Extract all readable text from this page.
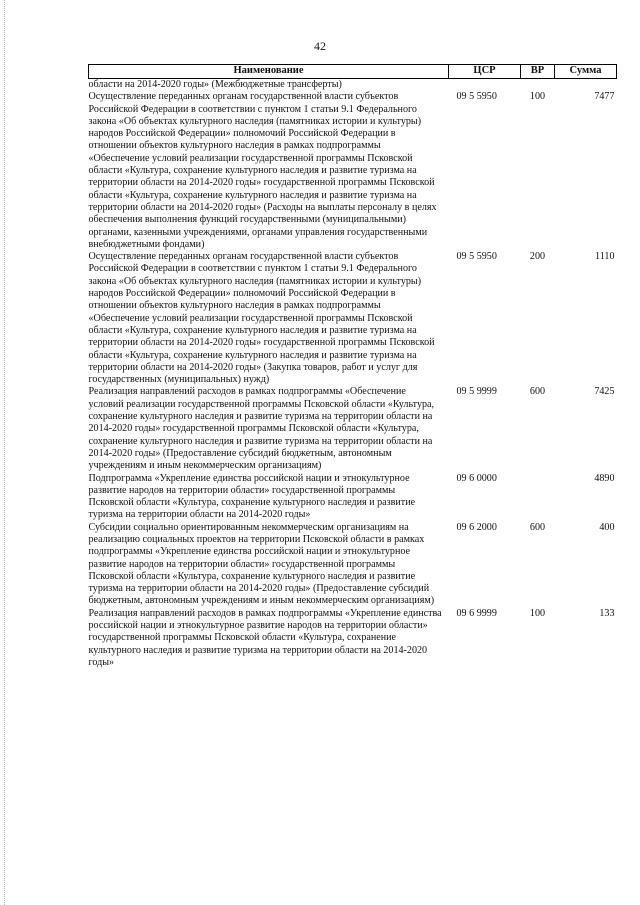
42
Наименование	ЦСР	ВР	Сумма
области на 2014-2020 годы» (Межбюджетные трансферты)			
Осуществление переданных органам государственной власти субъектов Российской Федерации в соответствии с пунктом 1 статьи 9.1 Федерального закона «Об объектах культурного наследия (памятниках истории и культуры) народов Российской Федерации» полномочий Российской Федерации в отношении объектов культурного наследия в рамках подпрограммы «Обеспечение условий реализации государственной программы Псковской области «Культура, сохранение культурного наследия и развитие туризма на территории области на 2014-2020 годы» государственной программы Псковской области «Культура, сохранение культурного наследия и развитие туризма на территории области на 2014-2020 годы» (Расходы на выплаты персоналу в целях обеспечения выполнения функций государственными (муниципальными) органами, казенными учреждениями, органами управления государственными внебюджетными фондами)	09 5 5950	100	7477
Осуществление переданных органам государственной власти субъектов Российской Федерации в соответствии с пунктом 1 статьи 9.1 Федерального закона «Об объектах культурного наследия (памятниках истории и культуры) народов Российской Федерации» полномочий Российской Федерации в отношении объектов культурного наследия в рамках подпрограммы «Обеспечение условий реализации государственной программы Псковской области «Культура, сохранение культурного наследия и развитие туризма на территории области на 2014-2020 годы» государственной программы Псковской области «Культура, сохранение культурного наследия и развитие туризма на территории области на 2014-2020 годы» (Закупка товаров, работ и услуг для государственных (муниципальных) нужд)	09 5 5950	200	1110
Реализация направлений расходов в рамках подпрограммы «Обеспечение условий реализации государственной программы Псковской области «Культура, сохранение культурного наследия и развитие туризма на территории области на 2014-2020 годы» государственной программы Псковской области «Культура, сохранение культурного наследия и развитие туризма на территории области на 2014-2020 годы» (Предоставление субсидий бюджетным, автономным учреждениям и иным некоммерческим организациям)	09 5 9999	600	7425
Подпрограмма «Укрепление единства российской нации и этнокультурное развитие народов на территории области» государственной программы Псковской области «Культура, сохранение культурного наследия и развитие туризма на территории области на 2014-2020 годы»	09 6 0000		4890
Субсидии социально ориентированным некоммерческим организациям на реализацию социальных проектов на территории Псковской области в рамках подпрограммы «Укрепление единства российской нации и этнокультурное развитие народов на территории области» государственной программы Псковской области «Культура, сохранение культурного наследия и развитие туризма на территории области на 2014-2020 годы» (Предоставление субсидий бюджетным, автономным учреждениям и иным некоммерческим организациям)	09 6 2000	600	400
Реализация направлений расходов в рамках подпрограммы «Укрепление единства российской нации и этнокультурное развитие народов на территории области» государственной программы Псковской области «Культура, сохранение культурного наследия и развитие туризма на территории области на 2014-2020 годы»	09 6 9999	100	133
